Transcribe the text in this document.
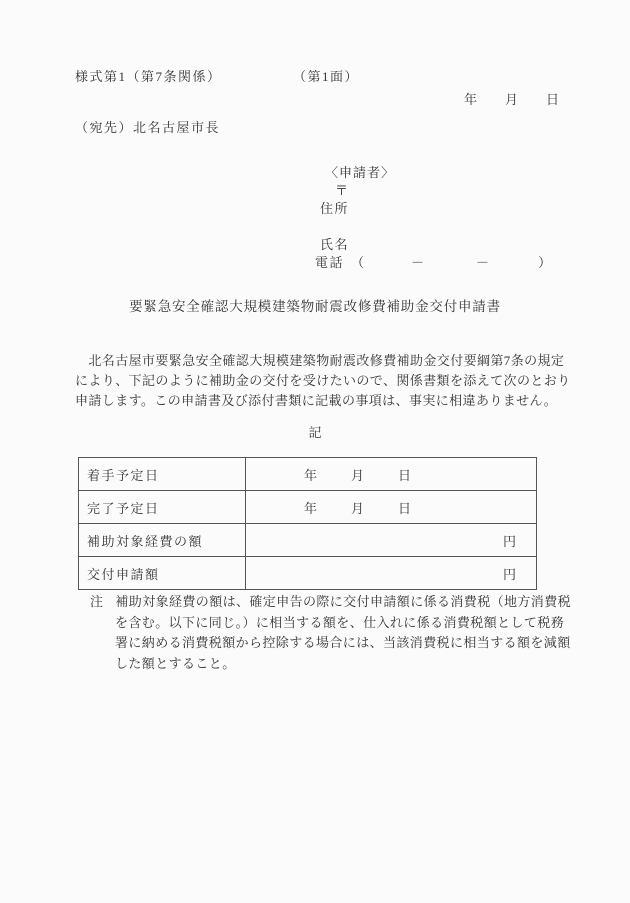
様式第1（第7条関係）	（第1面）
年 月 日
（宛先）北名古屋市長
〈申請者〉
〒
住所
氏名
電話 （	－	－	）
要緊急安全確認大規模建築物耐震改修費補助金交付申請書
　北名古屋市要緊急安全確認大規模建築物耐震改修費補助金交付要綱第7条の規定
により、下記のように補助金の交付を受けたいので、関係書類を添えて次のとおり
申請します。この申請書及び添付書類に記載の事項は、事実に相違ありません。
記
着手予定日	年 月 日

完了予定日	年 月 日

補助対象経費の額	円
交付申請額	円
注 補助対象経費の額は、確定申告の際に交付申請額に係る消費税（地方消費税
を含む。以下に同じ。）に相当する額を、仕入れに係る消費税額として税務
署に納める消費税額から控除する場合には、当該消費税に相当する額を減額
した額とすること。
